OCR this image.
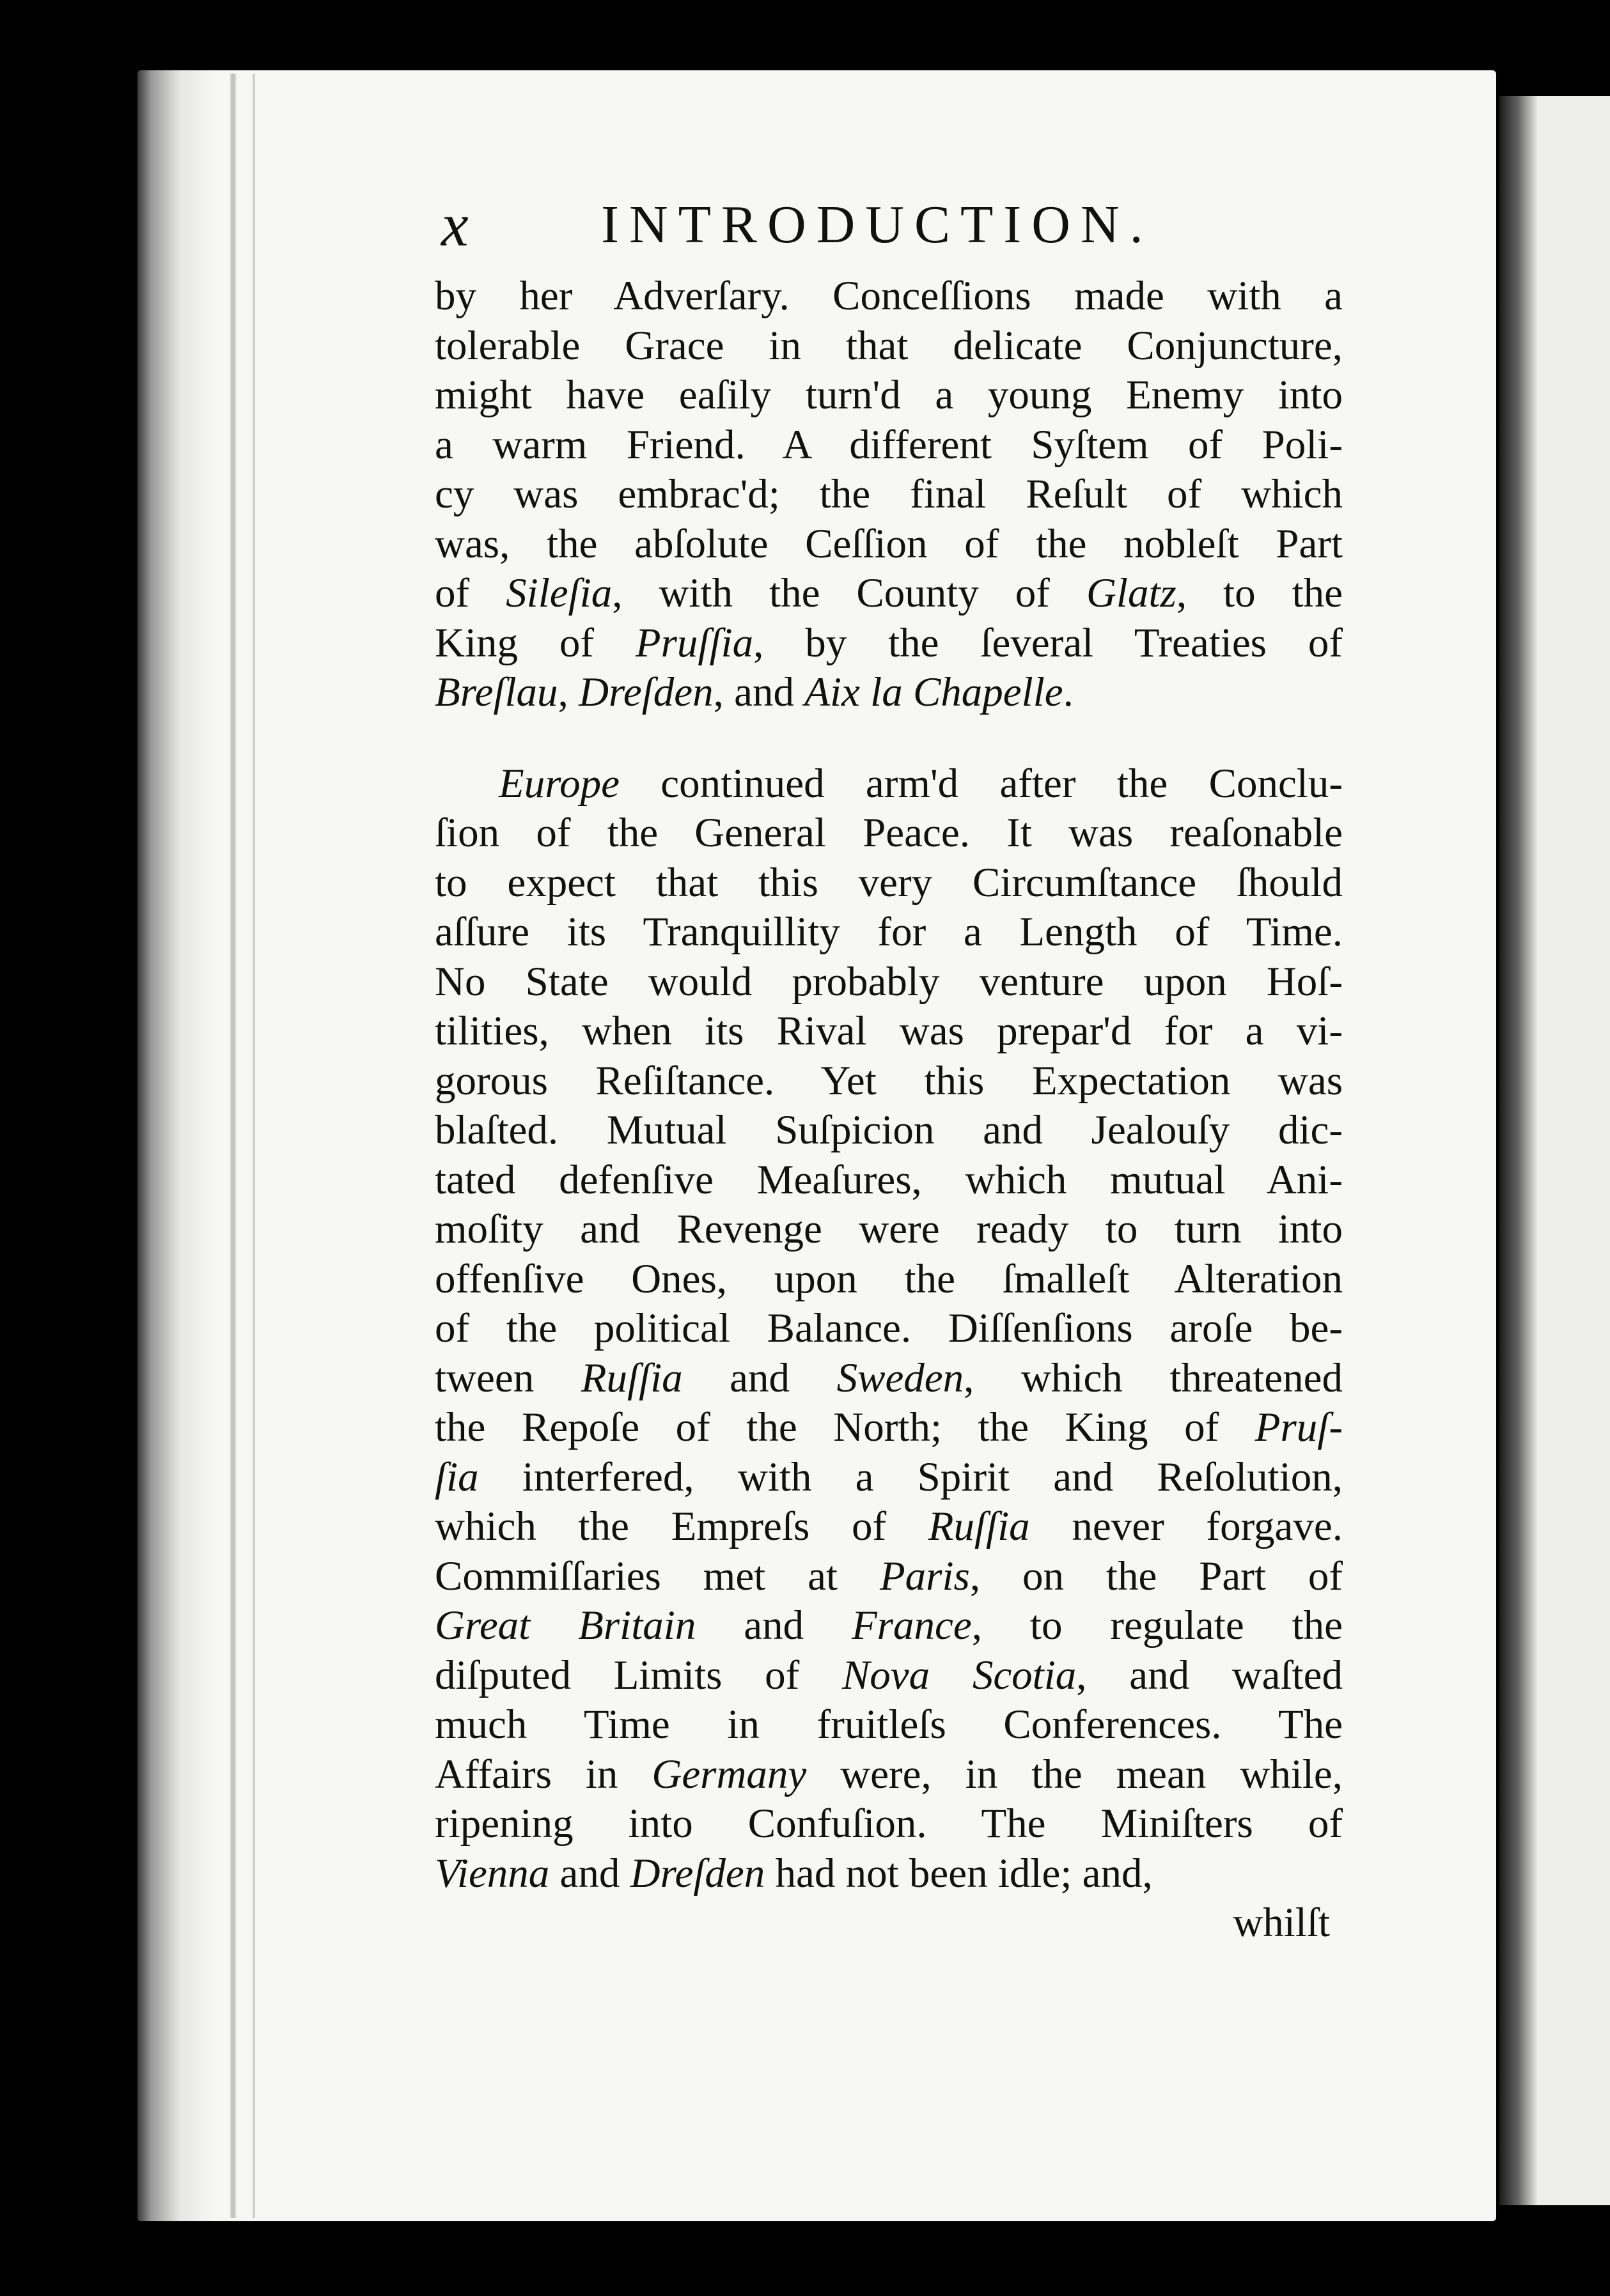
x INTRODUCTION.
by her Adverſary. Conceſſions made with a
tolerable Grace in that delicate Conjuncture,
might have eaſily turn'd a young Enemy into
a warm Friend. A different Syſtem of Poli-
cy was embrac'd; the final Reſult of which
was, the abſolute Ceſſion of the nobleſt Part
of Sileſia, with the County of Glatz, to the
King of Pruſſia, by the ſeveral Treaties of
Breſlau, Dreſden, and Aix la Chapelle.
Europe continued arm'd after the Conclu-
ſion of the General Peace. It was reaſonable
to expect that this very Circumſtance ſhould
aſſure its Tranquillity for a Length of Time.
No State would probably venture upon Hoſ-
tilities, when its Rival was prepar'd for a vi-
gorous Reſiſtance. Yet this Expectation was
blaſted. Mutual Suſpicion and Jealouſy dic-
tated defenſive Meaſures, which mutual Ani-
moſity and Revenge were ready to turn into
offenſive Ones, upon the ſmalleſt Alteration
of the political Balance. Diſſenſions aroſe be-
tween Ruſſia and Sweden, which threatened
the Repoſe of the North; the King of Pruſ-
ſia interfered, with a Spirit and Reſolution,
which the Empreſs of Ruſſia never forgave.
Commiſſaries met at Paris, on the Part of
Great Britain and France, to regulate the
diſputed Limits of Nova Scotia, and waſted
much Time in fruitleſs Conferences. The
Affairs in Germany were, in the mean while,
ripening into Confuſion. The Miniſters of
Vienna and Dreſden had not been idle; and,
whilſt
